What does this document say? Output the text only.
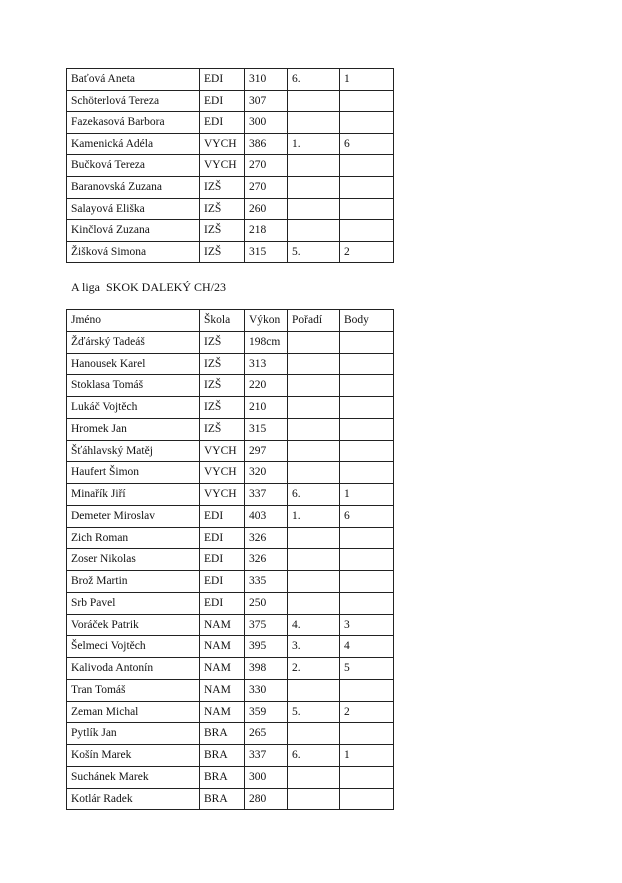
Baťová Aneta	EDI	310	6.	1
Schöterlová Tereza	EDI	307		
Fazekasová Barbora	EDI	300		
Kamenická Adéla	VYCH	386	1.	6
Bučková Tereza	VYCH	270		
Baranovská Zuzana	IZŠ	270		
Salayová Eliška	IZŠ	260		
Kinčlová Zuzana	IZŠ	218		
Žišková Simona	IZŠ	315	5.	2
A liga  SKOK DALEKÝ CH/23
Jméno	Škola	Výkon	Pořadí	Body
Žďárský Tadeáš	IZŠ	198cm		
Hanousek Karel	IZŠ	313		
Stoklasa Tomáš	IZŠ	220		
Lukáč Vojtěch	IZŠ	210		
Hromek Jan	IZŠ	315		
Šťáhlavský Matěj	VYCH	297		
Haufert Šimon	VYCH	320		
Minařík Jiří	VYCH	337	6.	1
Demeter Miroslav	EDI	403	1.	6
Zich Roman	EDI	326		
Zoser Nikolas	EDI	326		
Brož Martin	EDI	335		
Srb Pavel	EDI	250		
Voráček Patrik	NAM	375	4.	3
Šelmeci Vojtěch	NAM	395	3.	4
Kalivoda Antonín	NAM	398	2.	5
Tran Tomáš	NAM	330		
Zeman Michal	NAM	359	5.	2
Pytlík Jan	BRA	265		
Košín Marek	BRA	337	6.	1
Suchánek Marek	BRA	300		
Kotlár Radek	BRA	280		
